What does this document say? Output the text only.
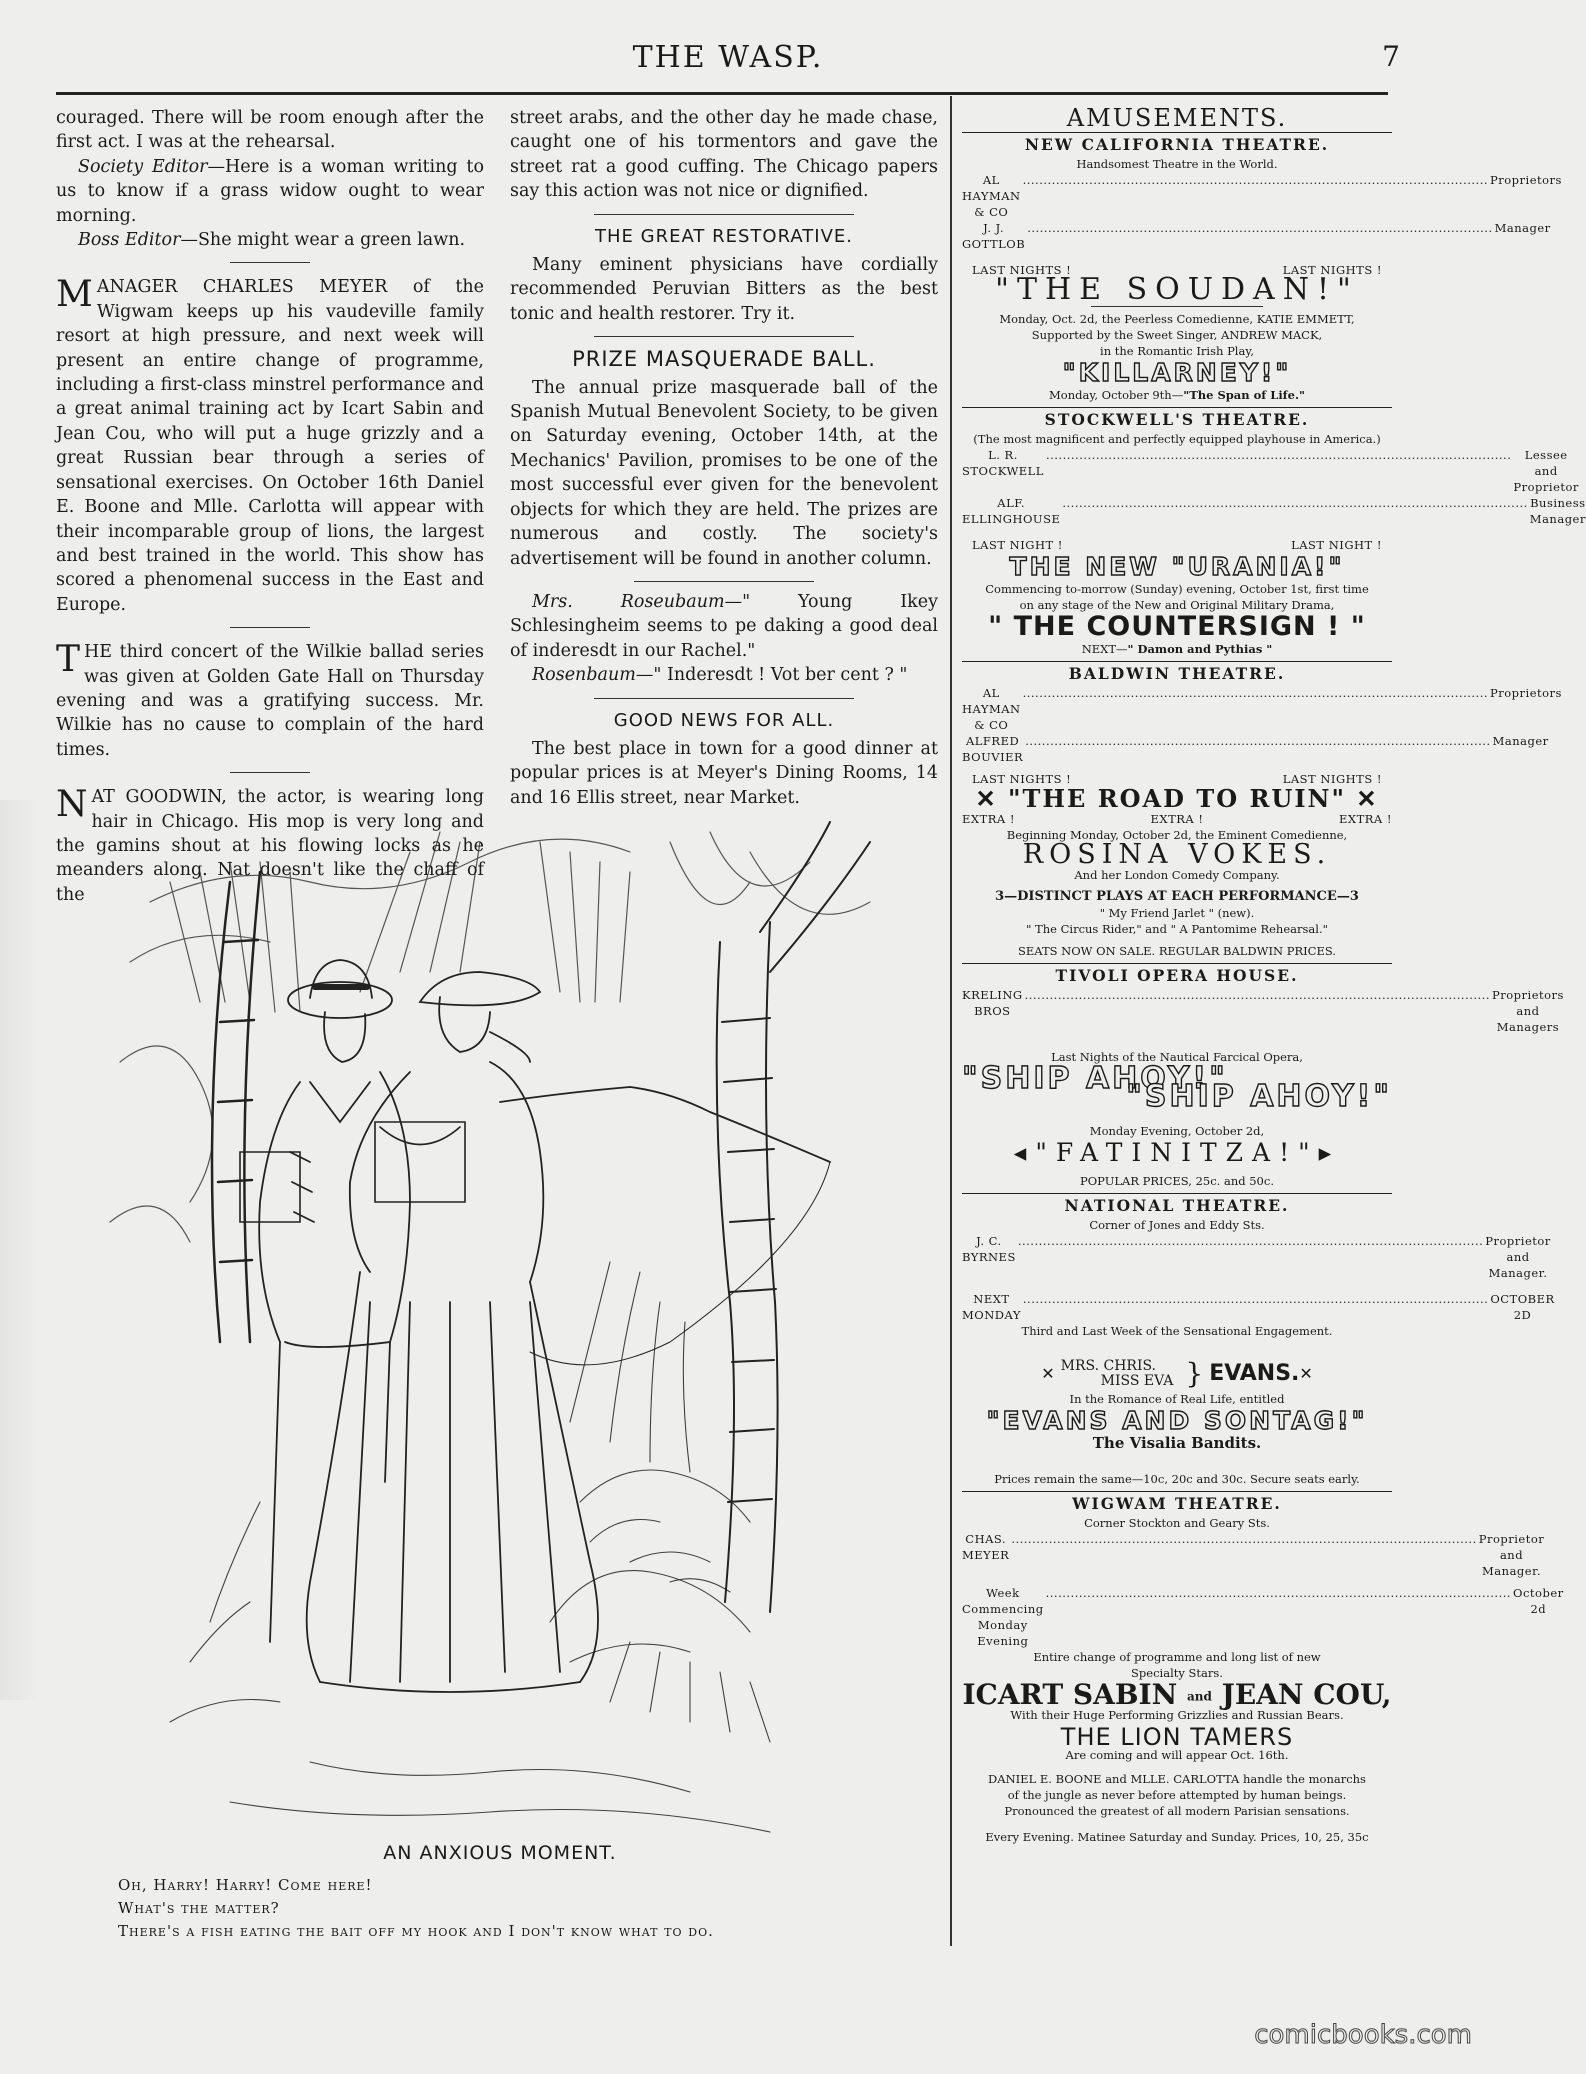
THE WASP.	7

couraged. There will be room enough after the first act. I was at the rehearsal.

Society Editor—Here is a woman writing to us to know if a grass widow ought to wear morning.

Boss Editor—She might wear a green lawn.

MANAGER CHARLES MEYER of the Wigwam keeps up his vaudeville family resort at high pressure, and next week will present an entire change of programme, including a first-class minstrel performance and a great animal training act by Icart Sabin and Jean Cou, who will put a huge grizzly and a great Russian bear through a series of sensational exercises. On October 16th Daniel E. Boone and Mlle. Carlotta will appear with their incomparable group of lions, the largest and best trained in the world. This show has scored a phenomenal success in the East and Europe.

THE third concert of the Wilkie ballad series was given at Golden Gate Hall on Thursday evening and was a gratifying success. Mr. Wilkie has no cause to complain of the hard times.

NAT GOODWIN, the actor, is wearing long hair in Chicago. His mop is very long and the gamins shout at his flowing locks as he meanders along. Nat doesn't like the chaff of the

street arabs, and the other day he made chase, caught one of his tormentors and gave the street rat a good cuffing. The Chicago papers say this action was not nice or dignified.

THE GREAT RESTORATIVE.

Many eminent physicians have cordially recommended Peruvian Bitters as the best tonic and health restorer. Try it.

PRIZE MASQUERADE BALL.

The annual prize masquerade ball of the Spanish Mutual Benevolent Society, to be given on Saturday evening, October 14th, at the Mechanics' Pavilion, promises to be one of the most successful ever given for the benevolent objects for which they are held. The prizes are numerous and costly. The society's advertisement will be found in another column.

Mrs. Roseubaum—" Young Ikey Schlesingheim seems to pe daking a good deal of inderesdt in our Rachel."

Rosenbaum—" Inderesdt ! Vot ber cent ? "

GOOD NEWS FOR ALL.

The best place in town for a good dinner at popular prices is at Meyer's Dining Rooms, 14 and 16 Ellis street, near Market.

AN ANXIOUS MOMENT.
Oh, Harry! Harry! Come here!
What's the matter?
There's a fish eating the bait off my hook and I don't know what to do.
AMUSEMENTS.
NEW CALIFORNIA THEATRE.
Handsomest Theatre in the World.
AL HAYMAN & CO
................................................................................................................ Proprietors
J. J. GOTTLOB
................................................................................................................ Manager
LAST NIGHTS !	LAST NIGHTS !
"THE SOUDAN!"
Monday, Oct. 2d, the Peerless Comedienne, KATIE EMMETT,
Supported by the Sweet Singer, ANDREW MACK,
in the Romantic Irish Play,
"KILLARNEY!"
Monday, October 9th—"The Span of Life."
STOCKWELL'S THEATRE.
(The most magnificent and perfectly equipped playhouse in America.)
L. R. STOCKWELL
................................................................................................................	Lessee and Proprietor
ALF. ELLINGHOUSE
................................................................................................................ Business Manager
LAST NIGHT !	LAST NIGHT !
THE NEW "URANIA!"
Commencing to-morrow (Sunday) evening, October 1st, first time
on any stage of the New and Original Military Drama,
" THE COUNTERSIGN ! "
NEXT—" Damon and Pythias "
BALDWIN THEATRE.
AL HAYMAN & CO
................................................................................................................ Proprietors
ALFRED BOUVIER
................................................................................................................ Manager
LAST NIGHTS !	LAST NIGHTS !
✕ "THE ROAD TO RUIN" ✕
EXTRA !	EXTRA !	EXTRA !
Beginning Monday, October 2d, the Eminent Comedienne,
ROSINA VOKES.
And her London Comedy Company.
3—DISTINCT PLAYS AT EACH PERFORMANCE—3
" My Friend Jarlet " (new).
" The Circus Rider," and " A Pantomime Rehearsal."
SEATS NOW ON SALE. REGULAR BALDWIN PRICES.
TIVOLI OPERA HOUSE.
KRELING BROS
................................................................................................................ Proprietors and Managers
Last Nights of the Nautical Farcical Opera,
"SHIP AHOY!"
"SHIP AHOY!"
Monday Evening, October 2d,
◂"FATINITZA!"▸
POPULAR PRICES, 25c. and 50c.
NATIONAL THEATRE.
Corner of Jones and Eddy Sts.
J. C. BYRNES
................................................................................................................ Proprietor and Manager.
NEXT MONDAY
................................................................................................................ OCTOBER 2D
Third and Last Week of the Sensational Engagement.
✕ MRS. CHRIS.
MISS EVA } EVANS. ✕
In the Romance of Real Life, entitled
"EVANS AND SONTAG!"
The Visalia Bandits.
Prices remain the same—10c, 20c and 30c. Secure seats early.
WIGWAM THEATRE.
Corner Stockton and Geary Sts.
CHAS. MEYER
................................................................................................................ Proprietor and Manager.
Week Commencing Monday Evening
................................................................................................................ October 2d
Entire change of programme and long list of new
Specialty Stars.
ICART SABIN and JEAN COU,
With their Huge Performing Grizzlies and Russian Bears.
THE LION TAMERS
Are coming and will appear Oct. 16th.
DANIEL E. BOONE and MLLE. CARLOTTA handle the monarchs of the jungle as never before attempted by human beings. Pronounced the greatest of all modern Parisian sensations.
Every Evening. Matinee Saturday and Sunday. Prices, 10, 25, 35c
comicbooks.com
